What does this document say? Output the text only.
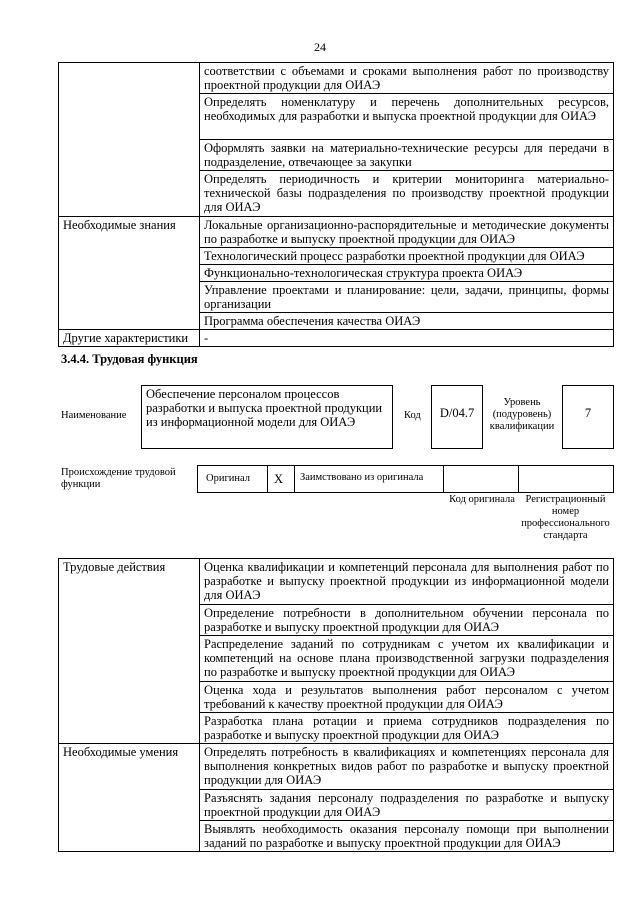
24
	соответствии с объемами и сроками выполнения работ по производству проектной продукции для ОИАЭ
	Определять номенклатуру и перечень дополнительных ресурсов, необходимых для разработки и выпуска проектной продукции для ОИАЭ
	Оформлять заявки на материально-технические ресурсы для передачи в подразделение, отвечающее за закупки
	Определять периодичность и критерии мониторинга материально-технической базы подразделения по производству проектной продукции для ОИАЭ
Необходимые знания	Локальные организационно-распорядительные и методические документы по разработке и выпуску проектной продукции для ОИАЭ
	Технологический процесс разработки проектной продукции для ОИАЭ
	Функционально-технологическая структура проекта ОИАЭ
	Управление проектами и планирование: цели, задачи, принципы, формы организации
	Программа обеспечения качества ОИАЭ
Другие характеристики	-
3.4.4. Трудовая функция
Наименование
Обеспечение персоналом процессов разработки и выпуска проектной продукции из информационной модели для ОИАЭ	Код	D/04.7
Уровень (подуровень) квалификации
7
Происхождение трудовой функции
Оригинал X Заимствовано из оригинала
Код оригинала	Регистрационный номер профессионального стандарта
Трудовые действия	Оценка квалификации и компетенций персонала для выполнения работ по разработке и выпуску проектной продукции из информационной модели для ОИАЭ
	Определение потребности в дополнительном обучении персонала по разработке и выпуску проектной продукции для ОИАЭ
	Распределение заданий по сотрудникам с учетом их квалификации и компетенций на основе плана производственной загрузки подразделения по разработке и выпуску проектной продукции для ОИАЭ
	Оценка хода и результатов выполнения работ персоналом с учетом требований к качеству проектной продукции для ОИАЭ
	Разработка плана ротации и приема сотрудников подразделения по разработке и выпуску проектной продукции для ОИАЭ
Необходимые умения	Определять потребность в квалификациях и компетенциях персонала для выполнения конкретных видов работ по разработке и выпуску проектной продукции для ОИАЭ
	Разъяснять задания персоналу подразделения по разработке и выпуску проектной продукции для ОИАЭ
	Выявлять необходимость оказания персоналу помощи при выполнении заданий по разработке и выпуску проектной продукции для ОИАЭ
